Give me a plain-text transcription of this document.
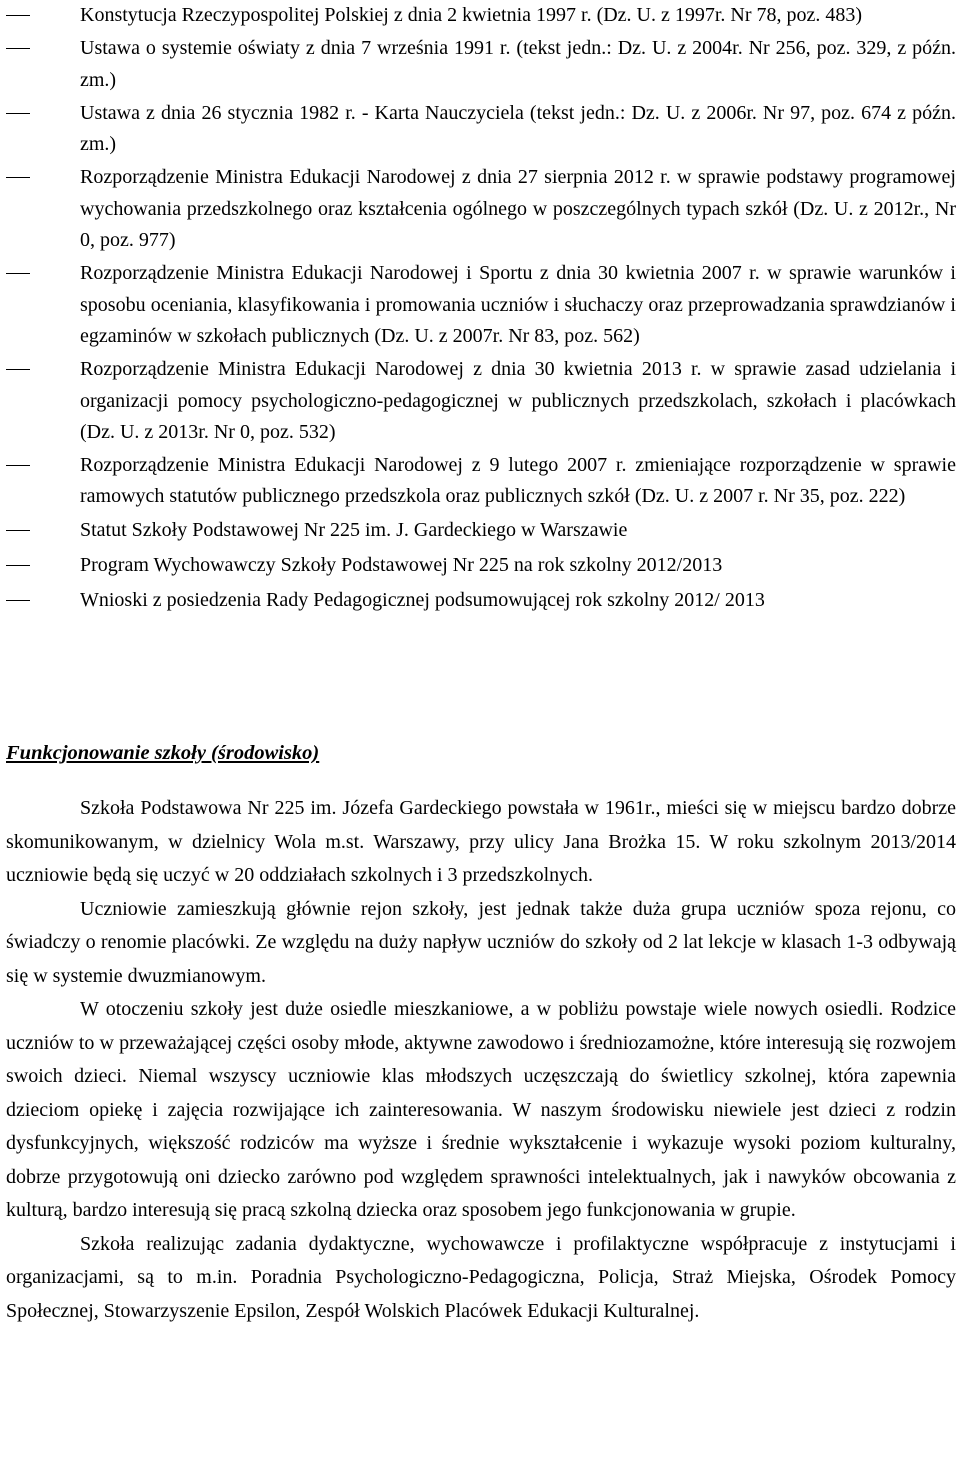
Konstytucja Rzeczypospolitej Polskiej z dnia 2 kwietnia 1997 r. (Dz. U. z 1997r. Nr 78, poz. 483)
Ustawa o systemie oświaty z dnia 7 września 1991 r. (tekst jedn.: Dz. U. z 2004r. Nr 256, poz. 329, z późn. zm.)
Ustawa z dnia 26 stycznia 1982 r. - Karta Nauczyciela (tekst jedn.: Dz. U. z 2006r. Nr 97, poz. 674 z późn. zm.)
Rozporządzenie Ministra Edukacji Narodowej z dnia 27 sierpnia 2012 r. w sprawie podstawy programowej wychowania przedszkolnego oraz kształcenia ogólnego w poszczególnych typach szkół (Dz. U. z 2012r., Nr 0, poz. 977)
Rozporządzenie Ministra Edukacji Narodowej i Sportu z dnia 30 kwietnia 2007 r. w sprawie warunków i sposobu oceniania, klasyfikowania i promowania uczniów i słuchaczy oraz przeprowadzania sprawdzianów i egzaminów w szkołach publicznych (Dz. U. z 2007r. Nr 83, poz. 562)
Rozporządzenie Ministra Edukacji Narodowej z dnia 30 kwietnia 2013 r. w sprawie zasad udzielania i organizacji pomocy psychologiczno-pedagogicznej w publicznych przedszkolach, szkołach i placówkach (Dz. U. z 2013r. Nr 0, poz. 532)
Rozporządzenie Ministra Edukacji Narodowej z 9 lutego 2007 r. zmieniające rozporządzenie w sprawie ramowych statutów publicznego przedszkola oraz publicznych szkół (Dz. U. z 2007 r. Nr 35, poz. 222)
Statut Szkoły Podstawowej Nr 225 im. J. Gardeckiego w Warszawie
Program Wychowawczy Szkoły Podstawowej Nr 225 na rok szkolny 2012/2013
Wnioski z posiedzenia Rady Pedagogicznej podsumowującej rok szkolny 2012/ 2013
Funkcjonowanie szkoły (środowisko)

Szkoła Podstawowa Nr 225 im. Józefa Gardeckiego powstała w 1961r., mieści się w miejscu bardzo dobrze skomunikowanym, w dzielnicy Wola m.st. Warszawy, przy ulicy Jana Brożka 15. W roku szkolnym 2013/2014 uczniowie będą się uczyć w 20 oddziałach szkolnych i 3 przedszkolnych.

Uczniowie zamieszkują głównie rejon szkoły, jest jednak także duża grupa uczniów spoza rejonu, co świadczy o renomie placówki. Ze względu na duży napływ uczniów do szkoły od 2 lat lekcje w klasach 1-3 odbywają się w systemie dwuzmianowym.

W otoczeniu szkoły jest duże osiedle mieszkaniowe, a w pobliżu powstaje wiele nowych osiedli. Rodzice uczniów to w przeważającej części osoby młode, aktywne zawodowo i średniozamożne, które interesują się rozwojem swoich dzieci. Niemal wszyscy uczniowie klas młodszych uczęszczają do świetlicy szkolnej, która zapewnia dzieciom opiekę i zajęcia rozwijające ich zainteresowania. W naszym środowisku niewiele jest dzieci z rodzin dysfunkcyjnych, większość rodziców ma wyższe i średnie wykształcenie i wykazuje wysoki poziom kulturalny, dobrze przygotowują oni dziecko zarówno pod względem sprawności intelektualnych, jak i nawyków obcowania z kulturą, bardzo interesują się pracą szkolną dziecka oraz sposobem jego funkcjonowania w grupie.

Szkoła realizując zadania dydaktyczne, wychowawcze i profilaktyczne współpracuje z instytucjami i organizacjami, są to m.in. Poradnia Psychologiczno-Pedagogiczna, Policja, Straż Miejska, Ośrodek Pomocy Społecznej, Stowarzyszenie Epsilon, Zespół Wolskich Placówek Edukacji Kulturalnej.
